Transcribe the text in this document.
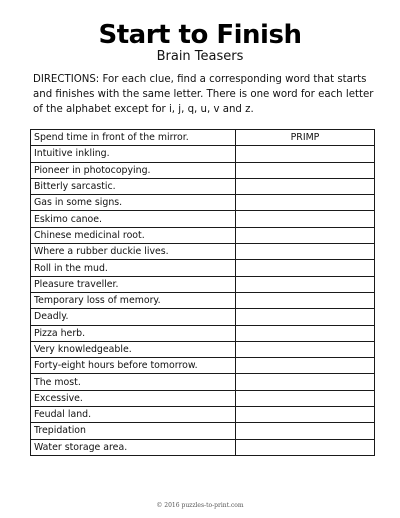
Start to Finish
Brain Teasers

DIRECTIONS: For each clue, find a corresponding word that starts and finishes with the same letter. There is one word for each letter of the alphabet except for i, j, q, u, v and z.

Spend time in front of the mirror.	PRIMP
Intuitive inkling.	
Pioneer in photocopying.	
Bitterly sarcastic.	
Gas in some signs.	
Eskimo canoe.	
Chinese medicinal root.	
Where a rubber duckie lives.	
Roll in the mud.	
Pleasure traveller.	
Temporary loss of memory.	
Deadly.	
Pizza herb.	
Very knowledgeable.	
Forty-eight hours before tomorrow.	
The most.	
Excessive.	
Feudal land.	
Trepidation	
Water storage area.	
© 2016 puzzles-to-print.com
